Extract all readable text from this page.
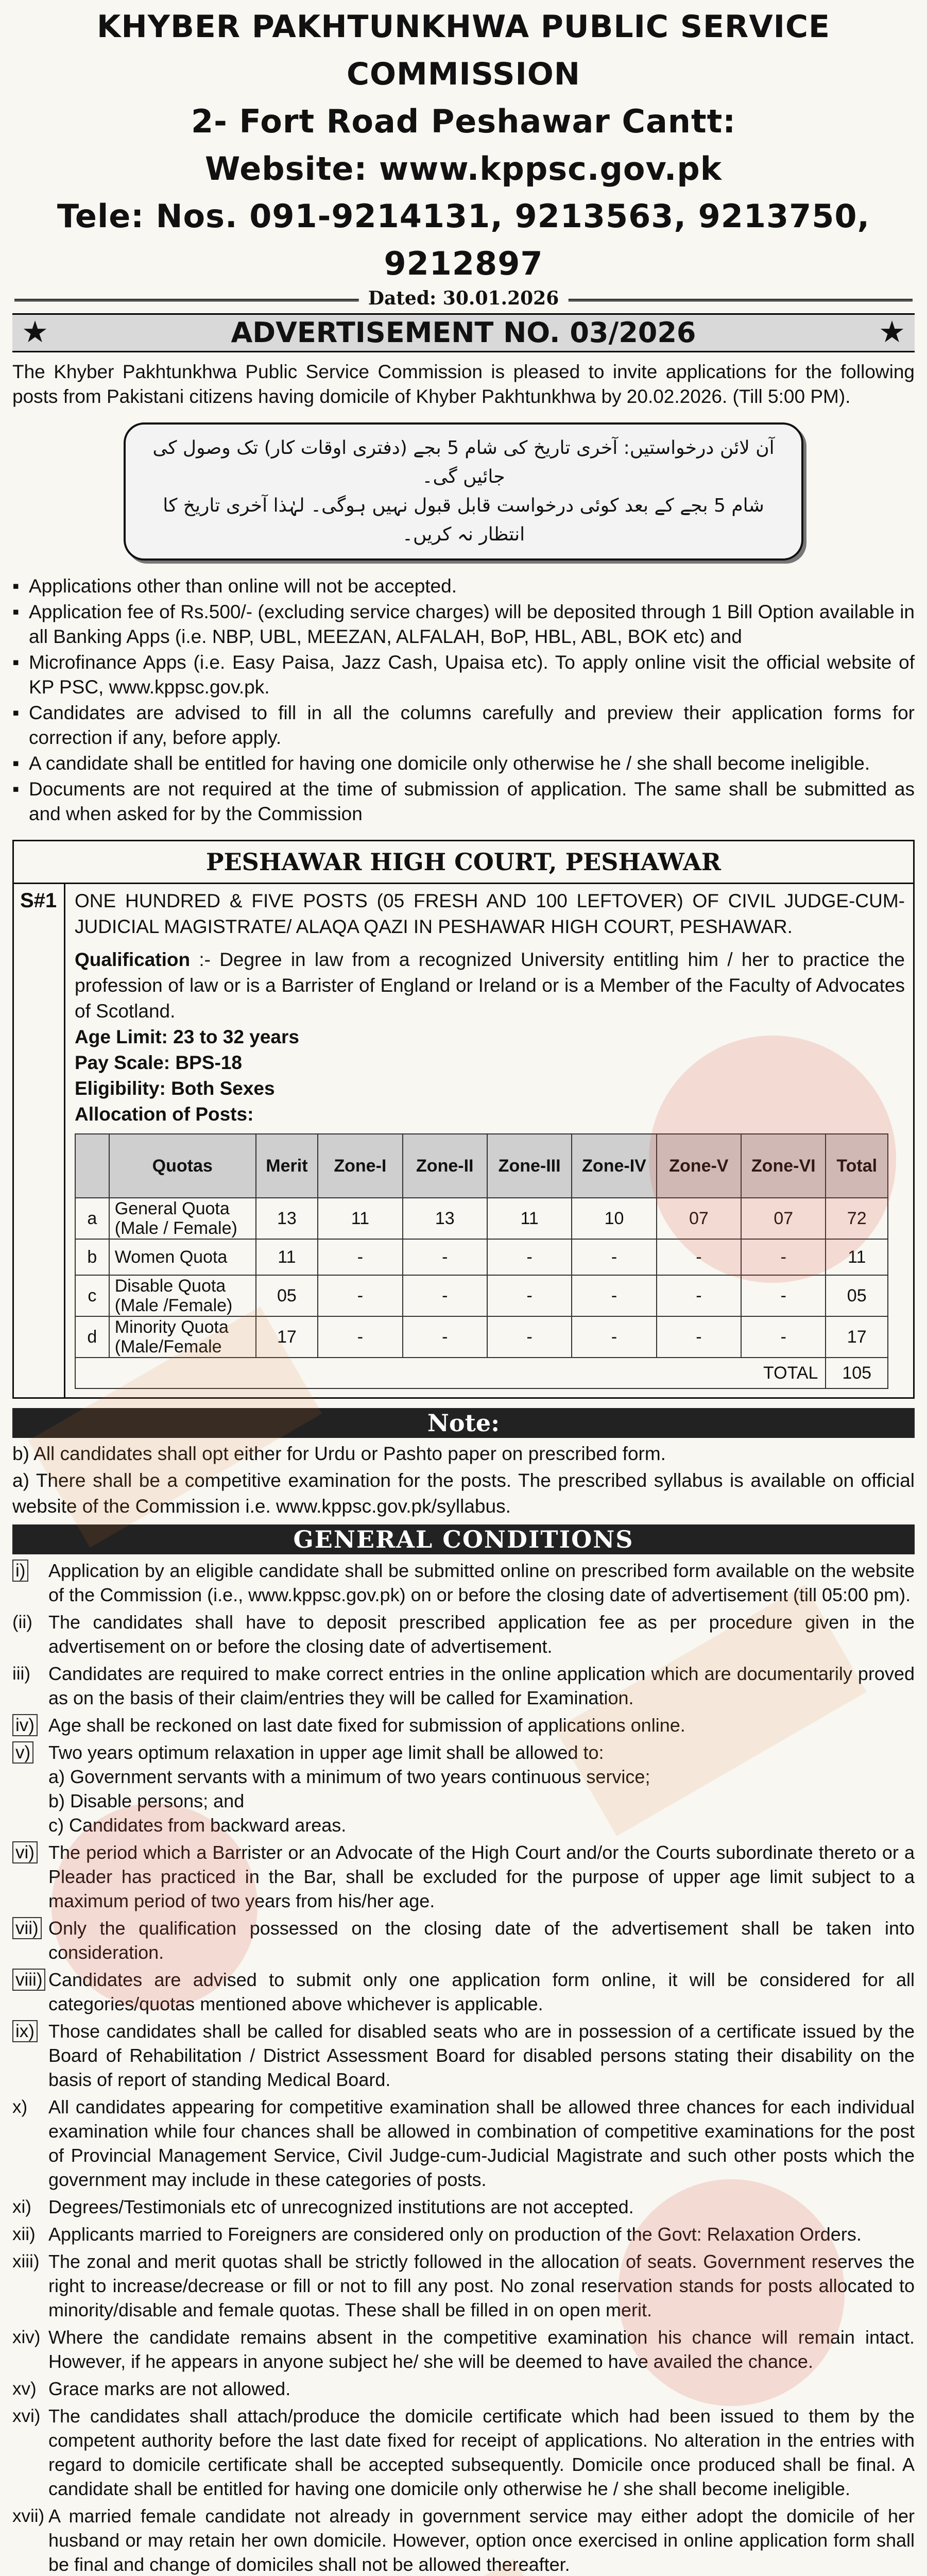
KHYBER PAKHTUNKHWA PUBLIC SERVICE COMMISSION
2- Fort Road Peshawar Cantt:
Website: www.kppsc.gov.pk
Tele: Nos. 091-9214131, 9213563, 9213750, 9212897
Dated: 30.01.2026
★	ADVERTISEMENT NO. 03/2026	★
The Khyber Pakhtunkhwa Public Service Commission is pleased to invite applications for the following posts from Pakistani citizens having domicile of Khyber Pakhtunkhwa by 20.02.2026. (Till 5:00 PM).
آن لائن درخواستیں: آخری تاریخ کی شام 5 بجے (دفتری اوقات کار) تک وصول کی جائیں گی۔
شام 5 بجے کے بعد کوئی درخواست قابل قبول نہیں ہوگی۔ لہٰذا آخری تاریخ کا انتظار نہ کریں۔
▪ Applications other than online will not be accepted.
▪ Application fee of Rs.500/- (excluding service charges) will be deposited through 1 Bill Option available in all Banking Apps (i.e. NBP, UBL, MEEZAN, ALFALAH, BoP, HBL, ABL, BOK etc) and
▪ Microfinance Apps (i.e. Easy Paisa, Jazz Cash, Upaisa etc). To apply online visit the official website of KP PSC, www.kppsc.gov.pk.
▪ Candidates are advised to fill in all the columns carefully and preview their application forms for correction if any, before apply.
▪ A candidate shall be entitled for having one domicile only otherwise he / she shall become ineligible.
▪ Documents are not required at the time of submission of application. The same shall be submitted as and when asked for by the Commission
PESHAWAR HIGH COURT, PESHAWAR
S#1 ONE HUNDRED & FIVE POSTS (05 FRESH AND 100 LEFTOVER) OF CIVIL JUDGE-CUM-JUDICIAL MAGISTRATE/ ALAQA QAZI IN PESHAWAR HIGH COURT, PESHAWAR.
Qualification :- Degree in law from a recognized University entitling him / her to practice the profession of law or is a Barrister of England or Ireland or is a Member of the Faculty of Advocates of Scotland.
Age Limit: 23 to 32 years
Pay Scale: BPS-18
Eligibility: Both Sexes
Allocation of Posts:
	Quotas	Merit	Zone-I	Zone-II	Zone-III	Zone-IV	Zone-V	Zone-VI	Total
a	General Quota (Male / Female)	13	11	13	11	10	07	07	72
b	Women Quota	11	-	-	-	-	-	-	11
c	Disable Quota (Male /Female)	05	-	-	-	-	-	-	05
d	Minority Quota (Male/Female	17	-	-	-	-	-	-	17
TOTAL									105
Note:
b) All candidates shall opt either for Urdu or Pashto paper on prescribed form.
a) There shall be a competitive examination for the posts. The prescribed syllabus is available on official website of the Commission i.e. www.kppsc.gov.pk/syllabus.
GENERAL CONDITIONS
i)	Application by an eligible candidate shall be submitted online on prescribed form available on the website of the Commission (i.e., www.kppsc.gov.pk) on or before the closing date of advertisement (till 05:00 pm).
(ii) The candidates shall have to deposit prescribed application fee as per procedure given in the advertisement on or before the closing date of advertisement.
iii) Candidates are required to make correct entries in the online application which are documentarily proved as on the basis of their claim/entries they will be called for Examination.
iv) Age shall be reckoned on last date fixed for submission of applications online.
v) Two years optimum relaxation in upper age limit shall be allowed to:
a) Government servants with a minimum of two years continuous service;
b) Disable persons; and
c) Candidates from backward areas.
vi) The period which a Barrister or an Advocate of the High Court and/or the Courts subordinate thereto or a Pleader has practiced in the Bar, shall be excluded for the purpose of upper age limit subject to a maximum period of two years from his/her age.
vii) Only the qualification possessed on the closing date of the advertisement shall be taken into consideration.
viii) Candidates are advised to submit only one application form online, it will be considered for all categories/quotas mentioned above whichever is applicable.
ix) Those candidates shall be called for disabled seats who are in possession of a certificate issued by the Board of Rehabilitation / District Assessment Board for disabled persons stating their disability on the basis of report of standing Medical Board.
x)	All candidates appearing for competitive examination shall be allowed three chances for each individual examination while four chances shall be allowed in combination of competitive examinations for the post of Provincial Management Service, Civil Judge-cum-Judicial Magistrate and such other posts which the government may include in these categories of posts.
xi) Degrees/Testimonials etc of unrecognized institutions are not accepted.
xii) Applicants married to Foreigners are considered only on production of the Govt: Relaxation Orders.
xiii) The zonal and merit quotas shall be strictly followed in the allocation of seats. Government reserves the right to increase/decrease or fill or not to fill any post. No zonal reservation stands for posts allocated to minority/disable and female quotas. These shall be filled in on open merit.
xiv) Where the candidate remains absent in the competitive examination his chance will remain intact. However, if he appears in anyone subject he/ she will be deemed to have availed the chance.
xv) Grace marks are not allowed.
xvi) The candidates shall attach/produce the domicile certificate which had been issued to them by the competent authority before the last date fixed for receipt of applications. No alteration in the entries with regard to domicile certificate shall be accepted subsequently. Domicile once produced shall be final. A candidate shall be entitled for having one domicile only otherwise he / she shall become ineligible.
xvii) A married female candidate not already in government service may either adopt the domicile of her husband or may retain her own domicile. However, option once exercised in online application form shall be final and change of domiciles shall not be allowed thereafter.
